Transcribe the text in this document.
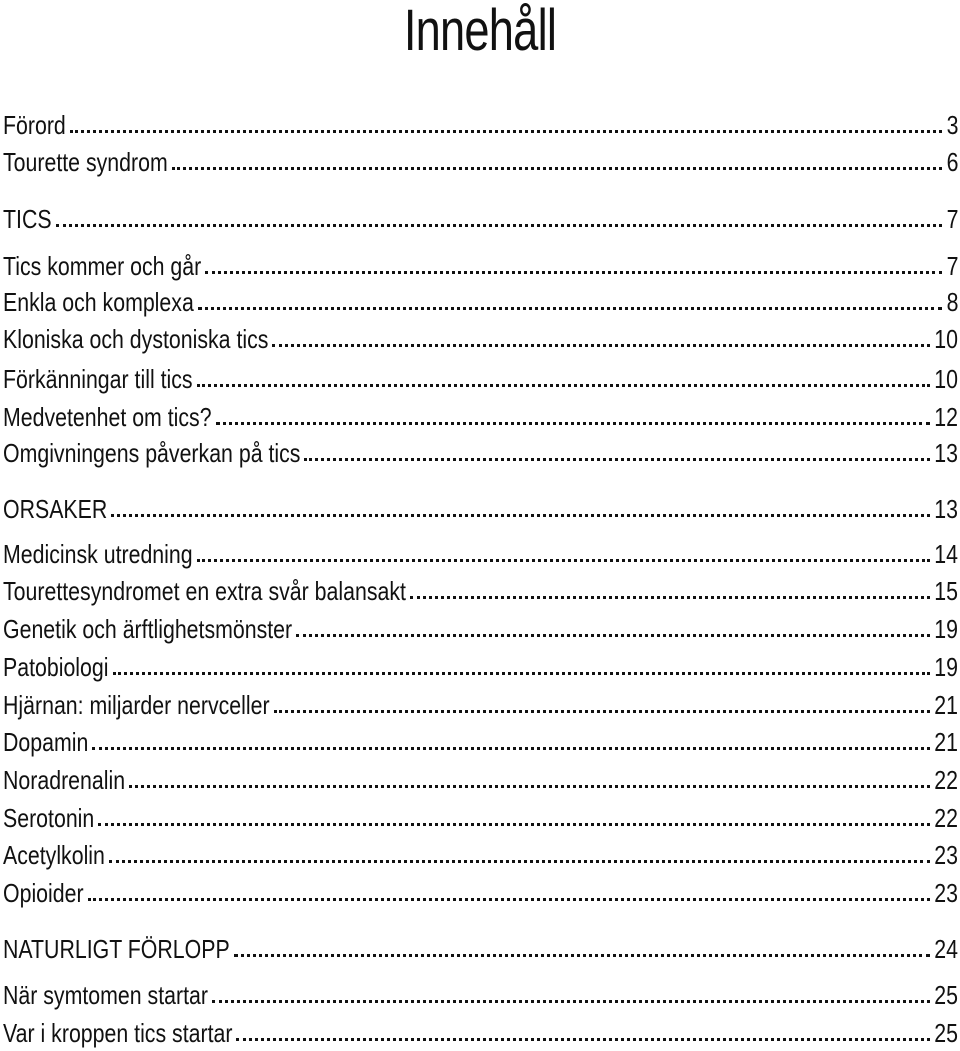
Innehåll
Förord	3
Tourette syndrom	6
TICS	7
Tics kommer och går	7
Enkla och komplexa	8
Kloniska och dystoniska tics	10
Förkänningar till tics	10
Medvetenhet om tics?	12
Omgivningens påverkan på tics	13
ORSAKER	13
Medicinsk utredning	14
Tourettesyndromet en extra svår balansakt	15
Genetik och ärftlighetsmönster	19
Patobiologi	19
Hjärnan: miljarder nervceller	21
Dopamin	21
Noradrenalin	22
Serotonin	22
Acetylkolin	23
Opioider	23
NATURLIGT FÖRLOPP	24
När symtomen startar	25
Var i kroppen tics startar	25
